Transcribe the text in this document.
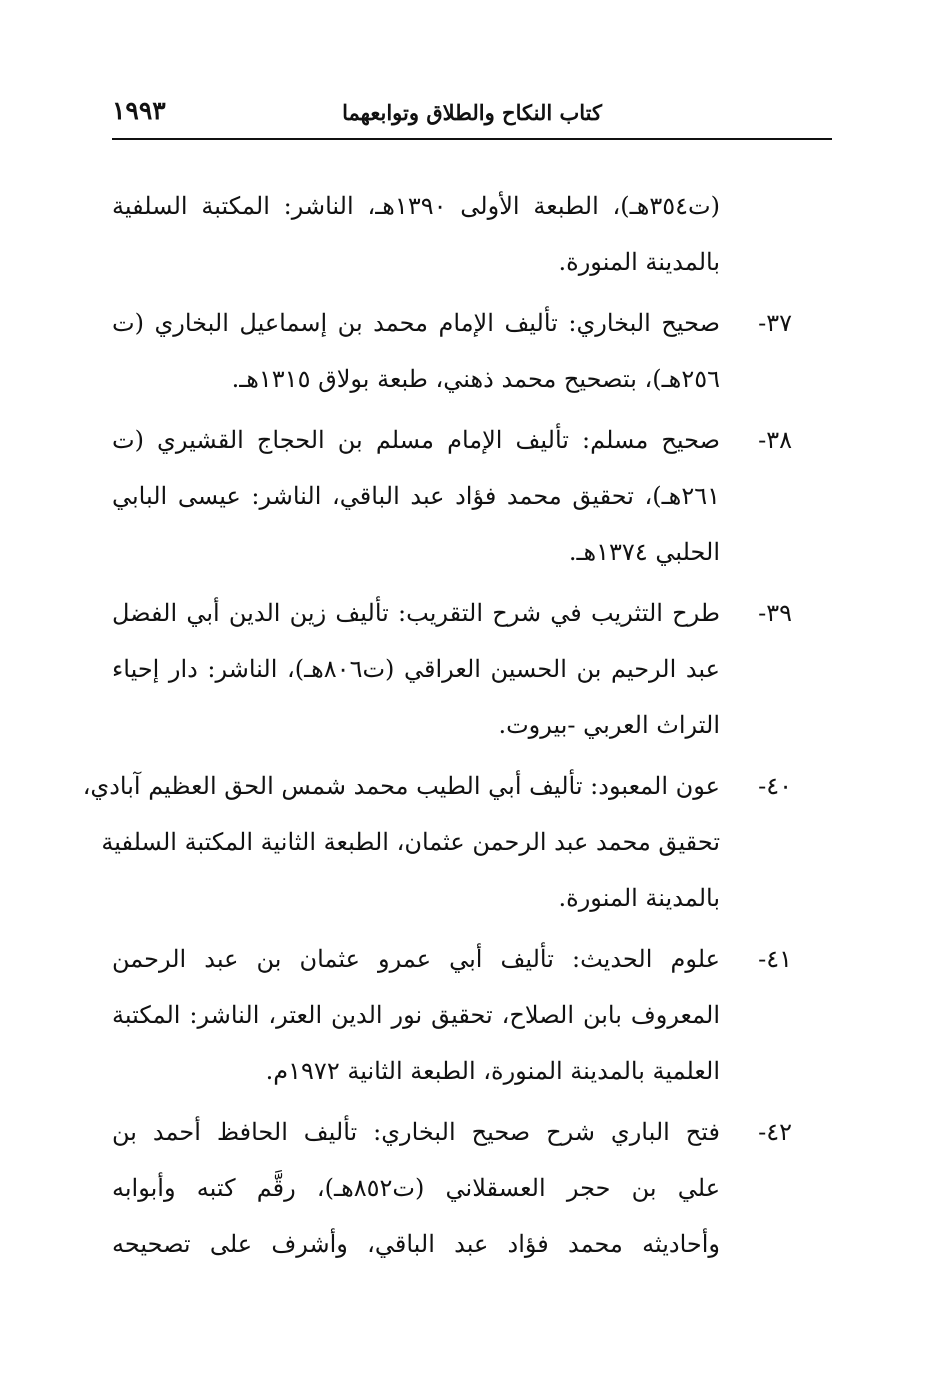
كتاب النكاح والطلاق وتوابعهما
١٩٩٣
(ت٣٥٤هـ)، الطبعة الأولى ١٣٩٠هـ، الناشر: المكتبة السلفية
بالمدينة المنورة.
٣٧-
صحيح البخاري: تأليف الإمام محمد بن إسماعيل البخاري (ت
٢٥٦هـ)، بتصحيح محمد ذهني، طبعة بولاق ١٣١٥هـ.
٣٨-
صحيح مسلم: تأليف الإمام مسلم بن الحجاج القشيري (ت
٢٦١هـ)، تحقيق محمد فؤاد عبد الباقي، الناشر: عيسى البابي
الحلبي ١٣٧٤هـ.
٣٩-
طرح التثريب في شرح التقريب: تأليف زين الدين أبي الفضل
عبد الرحيم بن الحسين العراقي (ت٨٠٦هـ)، الناشر: دار إحياء
التراث العربي -بيروت.
٤٠-
عون المعبود: تأليف أبي الطيب محمد شمس الحق العظيم آبادي،
تحقيق محمد عبد الرحمن عثمان، الطبعة الثانية المكتبة السلفية
بالمدينة المنورة.
٤١-
علوم الحديث: تأليف أبي عمرو عثمان بن عبد الرحمن
المعروف بابن الصلاح، تحقيق نور الدين العتر، الناشر: المكتبة
العلمية بالمدينة المنورة، الطبعة الثانية ١٩٧٢م.
٤٢-
فتح الباري شرح صحيح البخاري: تأليف الحافظ أحمد بن
علي بن حجر العسقلاني (ت٨٥٢هـ)، رقَّم كتبه وأبوابه
وأحاديثه محمد فؤاد عبد الباقي، وأشرف على تصحيحه
